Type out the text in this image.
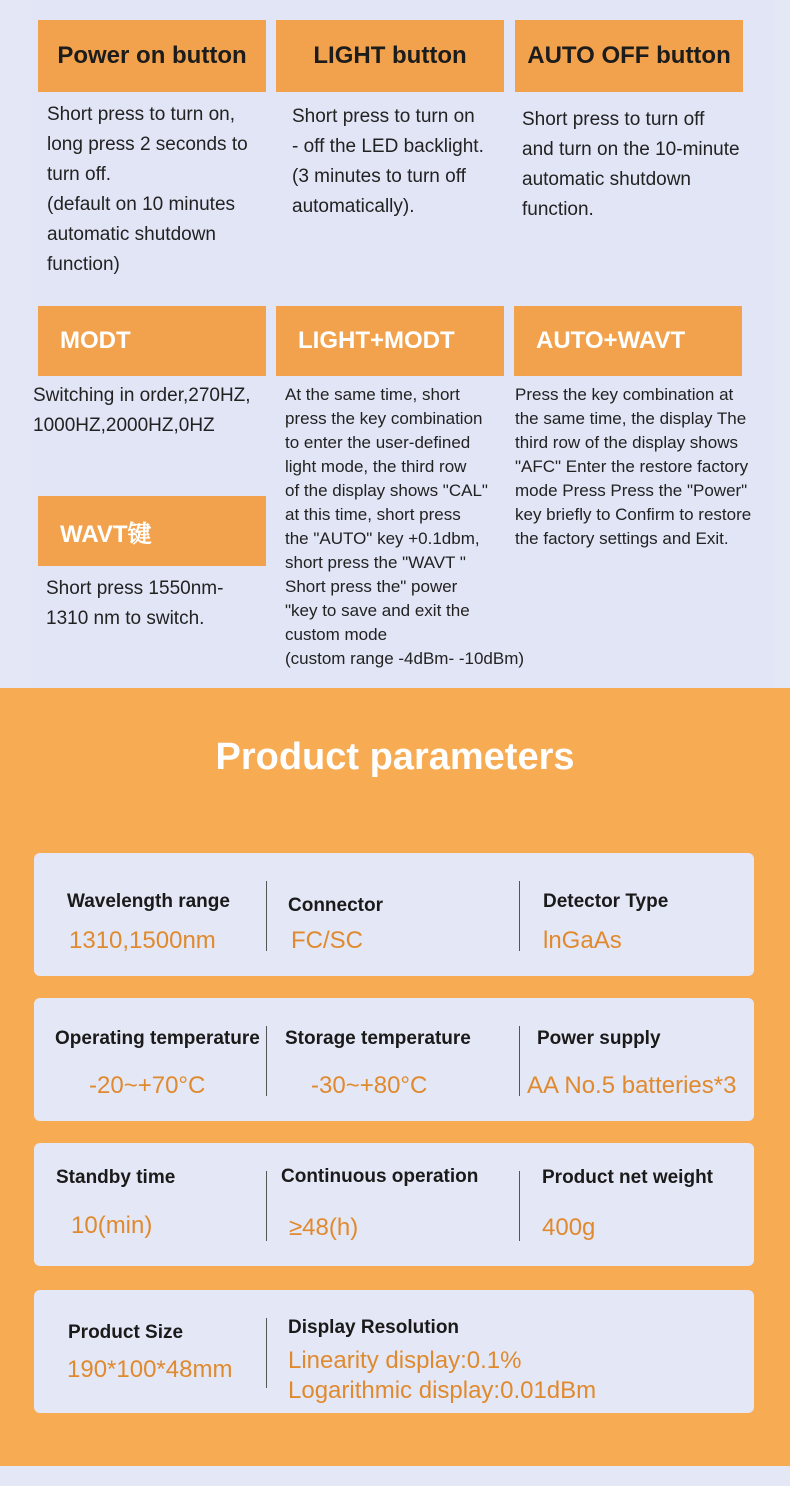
Power on button
Short press to turn on,
long press 2 seconds to
turn off.
(default on 10 minutes
automatic shutdown
function)
LIGHT button
Short press to turn on
- off the LED backlight.
(3 minutes to turn off
automatically).
AUTO OFF button
Short press to turn off
and turn on the 10-minute
automatic shutdown
function.
MODT
Switching in order,270HZ,
1000HZ,2000HZ,0HZ
LIGHT+MODT
At the same time, short
press the key combination
to enter the user-defined
light mode, the third row
of the display shows "CAL"
at this time, short press
the "AUTO" key +0.1dbm,
short press the "WAVT "
Short press the" power
"key to save and exit the
custom mode
(custom range -4dBm- -10dBm)
AUTO+WAVT
Press the key combination at
the same time, the display The
third row of the display shows
"AFC" Enter the restore factory
mode Press Press the "Power"
key briefly to Confirm to restore
the factory settings and Exit.
WAVT键
Short press 1550nm-
1310 nm to switch.
Product parameters
Wavelength range
1310,1500nm
Connector
FC/SC
Detector Type
lnGaAs
Operating temperature
-20~+70°C
Storage temperature
-30~+80°C
Power supply
AA No.5 batteries*3
Standby time
10(min)
Continuous operation
≥48(h)
Product net weight
400g
Product Size
190*100*48mm
Display Resolution
Linearity display:0.1%
Logarithmic display:0.01dBm
